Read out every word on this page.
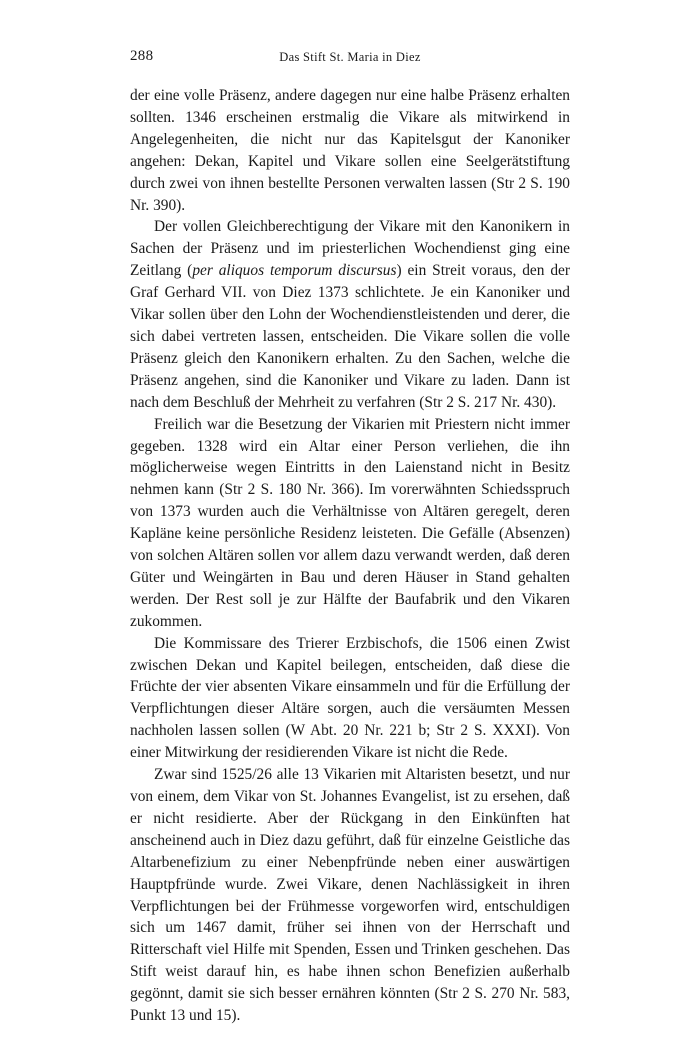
288	Das Stift St. Maria in Diez

der eine volle Präsenz, andere dagegen nur eine halbe Präsenz erhalten sollten. 1346 erscheinen erstmalig die Vikare als mitwirkend in Angelegenheiten, die nicht nur das Kapitelsgut der Kanoniker angehen: Dekan, Kapitel und Vikare sollen eine Seelgerätstiftung durch zwei von ihnen bestellte Personen verwalten lassen (Str 2 S. 190 Nr. 390).

Der vollen Gleichberechtigung der Vikare mit den Kanonikern in Sachen der Präsenz und im priesterlichen Wochendienst ging eine Zeitlang (per aliquos temporum discursus) ein Streit voraus, den der Graf Gerhard VII. von Diez 1373 schlichtete. Je ein Kanoniker und Vikar sollen über den Lohn der Wochendienstleistenden und derer, die sich dabei vertreten lassen, entscheiden. Die Vikare sollen die volle Präsenz gleich den Kanonikern erhalten. Zu den Sachen, welche die Präsenz angehen, sind die Kanoniker und Vikare zu laden. Dann ist nach dem Beschluß der Mehrheit zu verfahren (Str 2 S. 217 Nr. 430).

Freilich war die Besetzung der Vikarien mit Priestern nicht immer gegeben. 1328 wird ein Altar einer Person verliehen, die ihn möglicherweise wegen Eintritts in den Laienstand nicht in Besitz nehmen kann (Str 2 S. 180 Nr. 366). Im vorerwähnten Schiedsspruch von 1373 wurden auch die Verhältnisse von Altären geregelt, deren Kapläne keine persönliche Residenz leisteten. Die Gefälle (Absenzen) von solchen Altären sollen vor allem dazu verwandt werden, daß deren Güter und Weingärten in Bau und deren Häuser in Stand gehalten werden. Der Rest soll je zur Hälfte der Baufabrik und den Vikaren zukommen.

Die Kommissare des Trierer Erzbischofs, die 1506 einen Zwist zwischen Dekan und Kapitel beilegen, entscheiden, daß diese die Früchte der vier absenten Vikare einsammeln und für die Erfüllung der Verpflichtungen dieser Altäre sorgen, auch die versäumten Messen nachholen lassen sollen (W Abt. 20 Nr. 221 b; Str 2 S. XXXI). Von einer Mitwirkung der residierenden Vikare ist nicht die Rede.

Zwar sind 1525/26 alle 13 Vikarien mit Altaristen besetzt, und nur von einem, dem Vikar von St. Johannes Evangelist, ist zu ersehen, daß er nicht residierte. Aber der Rückgang in den Einkünften hat anscheinend auch in Diez dazu geführt, daß für einzelne Geistliche das Altarbenefizium zu einer Nebenpfründe neben einer auswärtigen Hauptpfründe wurde. Zwei Vikare, denen Nachlässigkeit in ihren Verpflichtungen bei der Frühmesse vorgeworfen wird, entschuldigen sich um 1467 damit, früher sei ihnen von der Herrschaft und Ritterschaft viel Hilfe mit Spenden, Essen und Trinken geschehen. Das Stift weist darauf hin, es habe ihnen schon Benefizien außerhalb gegönnt, damit sie sich besser ernähren könnten (Str 2 S. 270 Nr. 583, Punkt 13 und 15).
